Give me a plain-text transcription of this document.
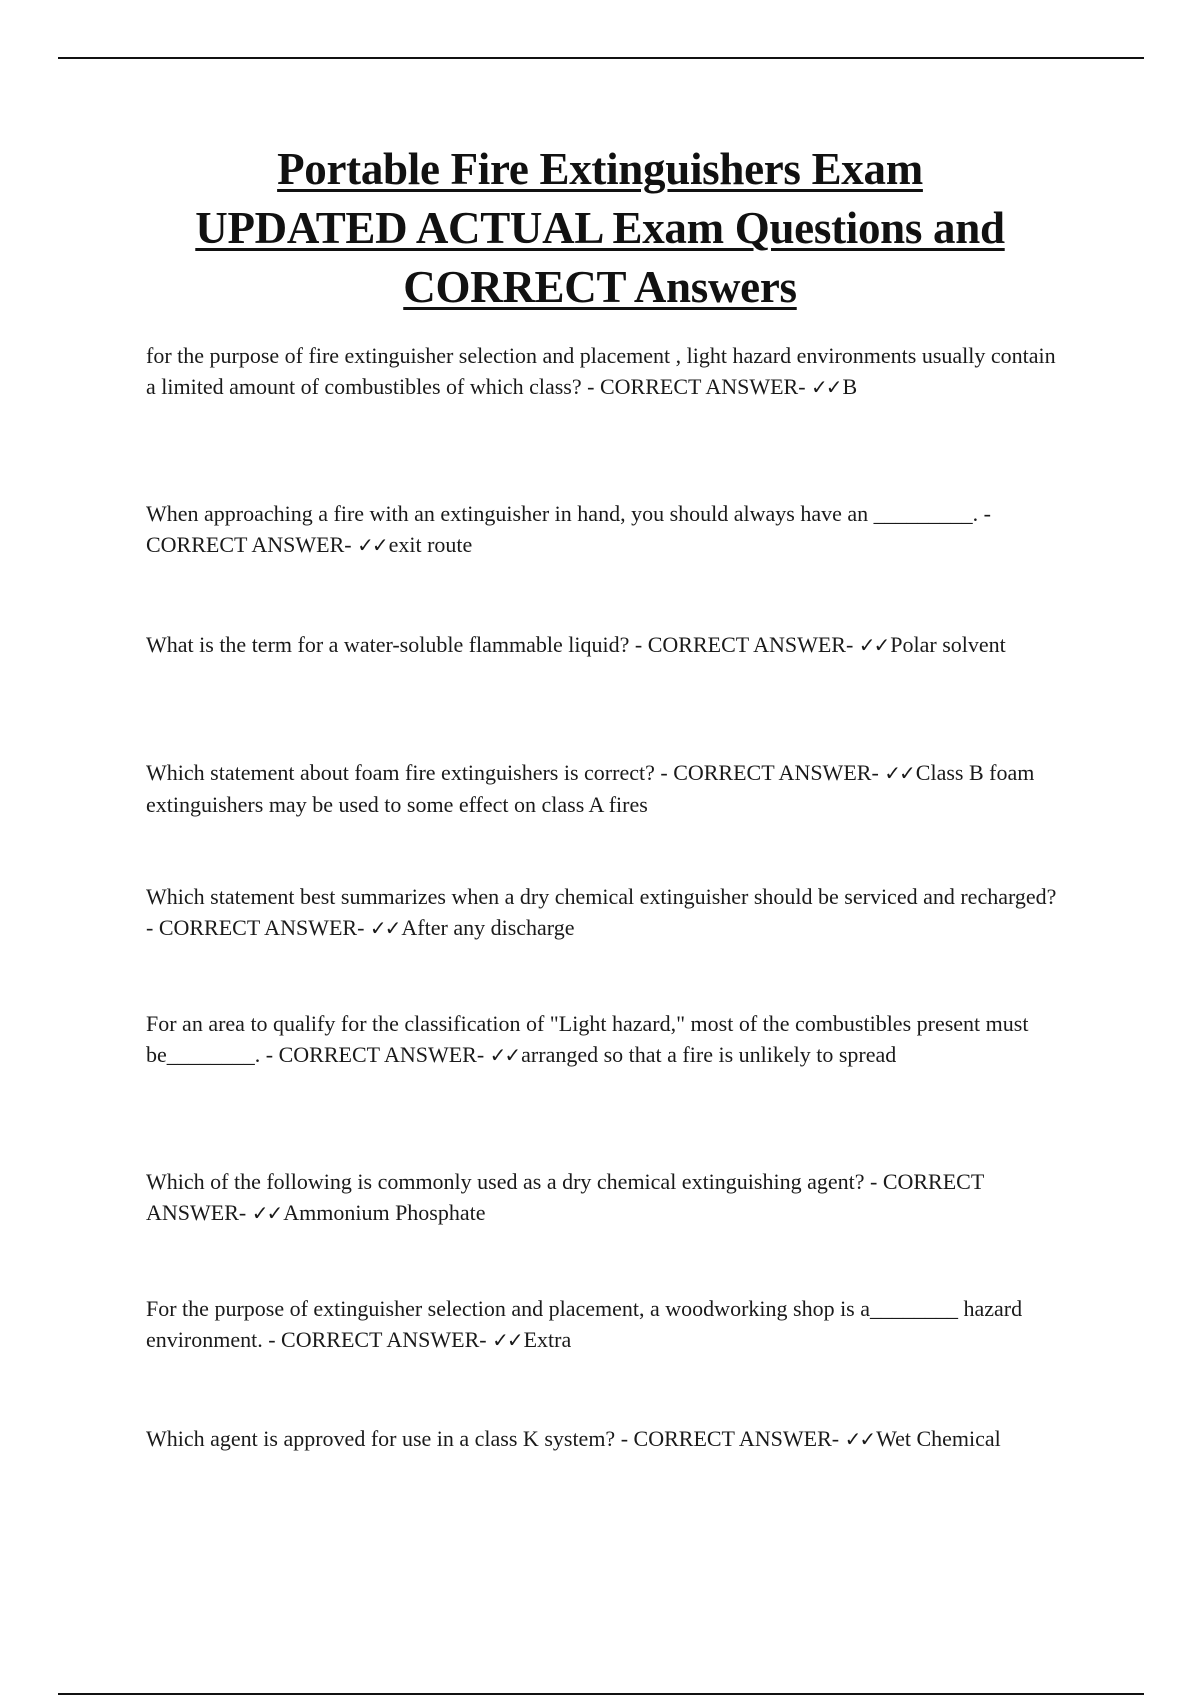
Portable Fire Extinguishers Exam
UPDATED ACTUAL Exam Questions and
CORRECT Answers

for the purpose of fire extinguisher selection and placement , light hazard environments usually contain a limited amount of combustibles of which class? - CORRECT ANSWER- ✓✓B

When approaching a fire with an extinguisher in hand, you should always have an _________. - CORRECT ANSWER- ✓✓exit route

What is the term for a water-soluble flammable liquid? - CORRECT ANSWER- ✓✓Polar solvent

Which statement about foam fire extinguishers is correct? - CORRECT ANSWER- ✓✓Class B foam extinguishers may be used to some effect on class A fires

Which statement best summarizes when a dry chemical extinguisher should be serviced and recharged? - CORRECT ANSWER- ✓✓After any discharge

For an area to qualify for the classification of "Light hazard," most of the combustibles present must be________. - CORRECT ANSWER- ✓✓arranged so that a fire is unlikely to spread

Which of the following is commonly used as a dry chemical extinguishing agent? - CORRECT ANSWER- ✓✓Ammonium Phosphate

For the purpose of extinguisher selection and placement, a woodworking shop is a________ hazard environment. - CORRECT ANSWER- ✓✓Extra

Which agent is approved for use in a class K system? - CORRECT ANSWER- ✓✓Wet Chemical
